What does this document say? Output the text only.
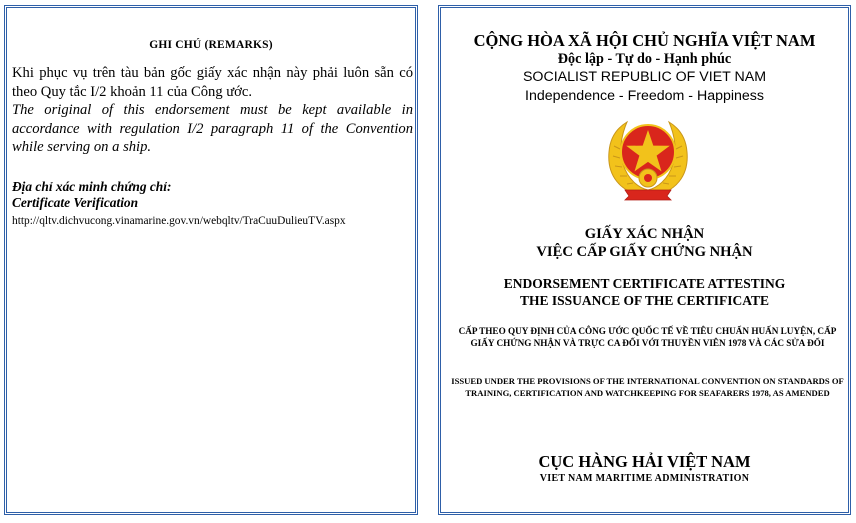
GHI CHÚ (REMARKS)

Khi phục vụ trên tàu bản gốc giấy xác nhận này phải luôn sẵn có theo Quy tắc I/2 khoản 11 của Công ước.

The original of this endorsement must be kept available in accordance with regulation I/2 paragraph 11 of the Convention while serving on a ship.

Địa chỉ xác minh chứng chỉ:
Certificate Verification
http://qltv.dichvucong.vinamarine.gov.vn/webqltv/TraCuuDulieuTV.aspx
CỘNG HÒA XÃ HỘI CHỦ NGHĨA VIỆT NAM
Độc lập - Tự do - Hạnh phúc
SOCIALIST REPUBLIC OF VIET NAM
Independence - Freedom - Happiness
GIẤY XÁC NHẬN
VIỆC CẤP GIẤY CHỨNG NHẬN
ENDORSEMENT CERTIFICATE ATTESTING
THE ISSUANCE OF THE CERTIFICATE
CẤP THEO QUY ĐỊNH CỦA CÔNG ƯỚC QUỐC TẾ VỀ TIÊU CHUẨN HUẤN LUYỆN, CẤP GIẤY CHỨNG NHẬN VÀ TRỰC CA ĐỐI VỚI THUYỀN VIÊN 1978 VÀ CÁC SỬA ĐỔI
ISSUED UNDER THE PROVISIONS OF THE INTERNATIONAL CONVENTION ON STANDARDS OF TRAINING, CERTIFICATION AND WATCHKEEPING FOR SEAFARERS 1978, AS AMENDED
CỤC HÀNG HẢI VIỆT NAM
VIET NAM MARITIME ADMINISTRATION
